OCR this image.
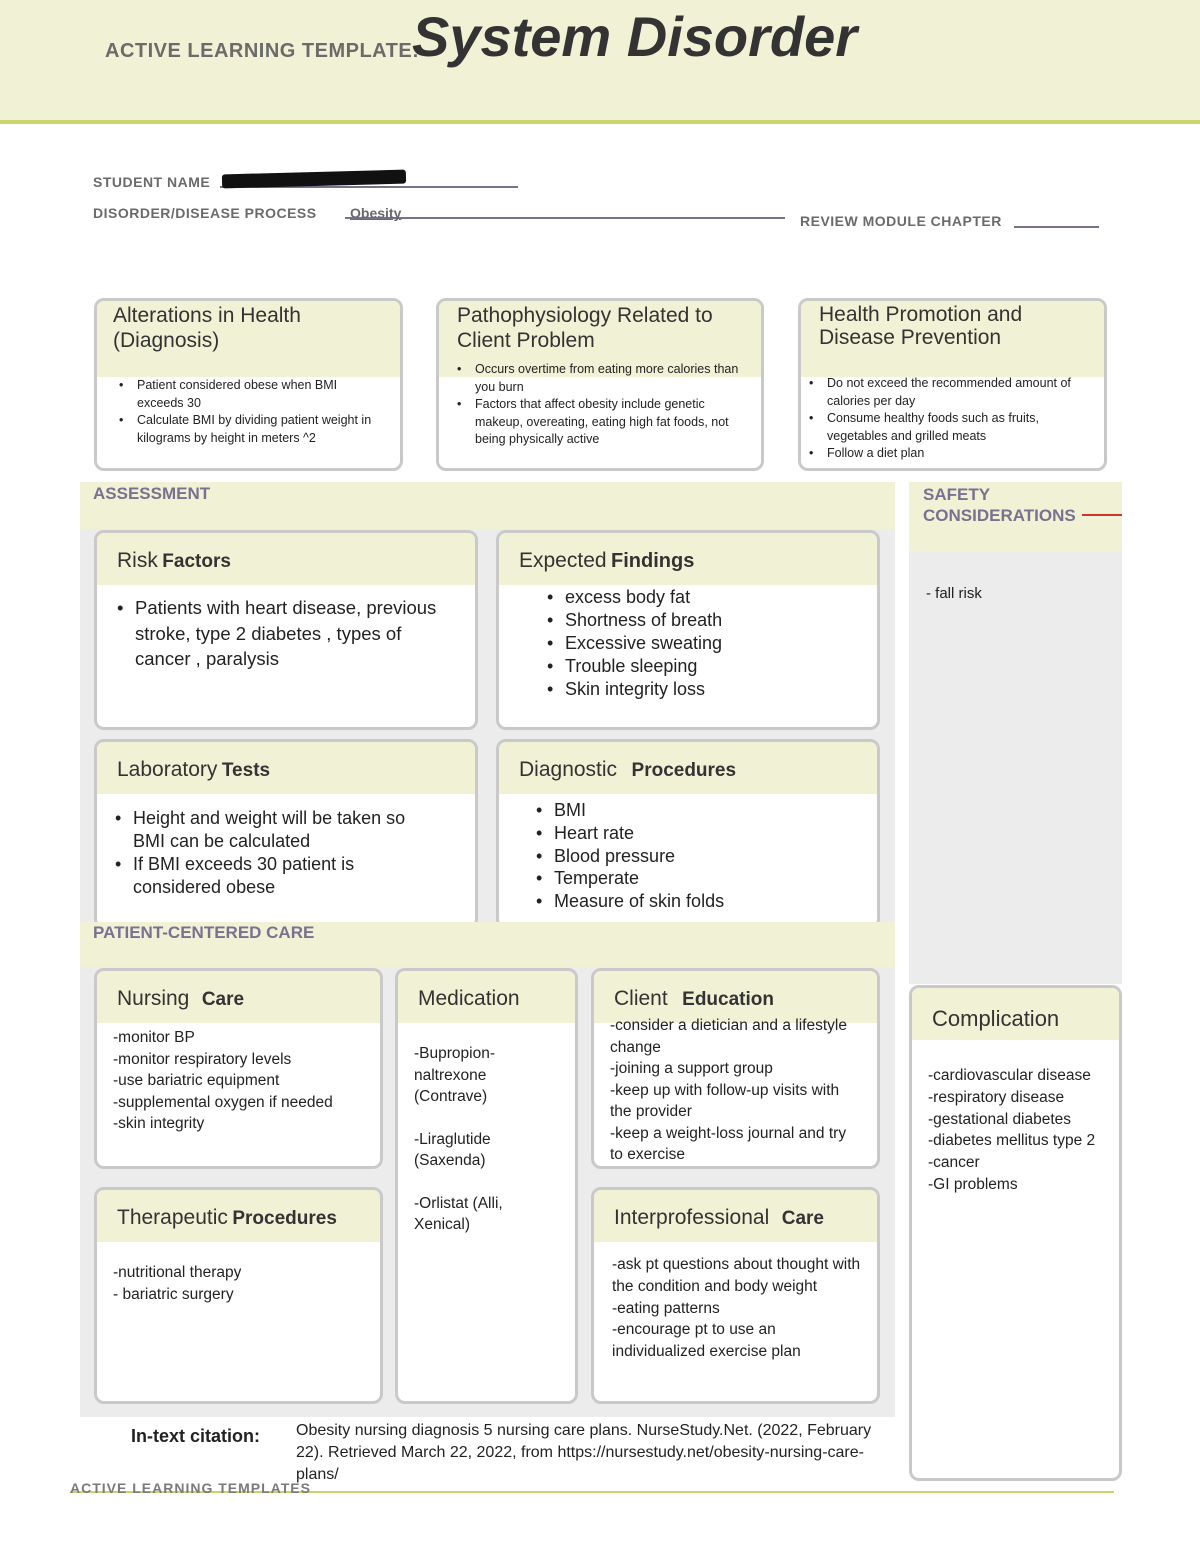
ACTIVE LEARNING TEMPLATE:
System Disorder
STUDENT NAME
DISORDER/DISEASE PROCESS Obesity	REVIEW MODULE CHAPTER
Alterations in Health (Diagnosis)
• Patient considered obese when BMI exceeds 30
• Calculate BMI by dividing patient weight in kilograms by height in meters ^2
Pathophysiology Related to Client Problem
• Occurs overtime from eating more calories than you burn
• Factors that affect obesity include genetic makeup, overeating, eating high fat foods, not being physically active
Health Promotion and Disease Prevention
• Do not exceed the recommended amount of calories per day
• Consume healthy foods such as fruits, vegetables and grilled meats
• Follow a diet plan
ASSESSMENT	SAFETY CONSIDERATIONS
- fall risk
Risk Factors
• Patients with heart disease, previous stroke, type 2 diabetes , types of cancer , paralysis
Expected Findings
• excess body fat
• Shortness of breath
• Excessive sweating
• Trouble sleeping
• Skin integrity loss
Laboratory Tests
• Height and weight will be taken so BMI can be calculated
• If BMI exceeds 30 patient is considered obese
Diagnostic Procedures
• BMI
• Heart rate
• Blood pressure
• Temperate
• Measure of skin folds
PATIENT-CENTERED CARE
Nursing Care
-monitor BP
-monitor respiratory levels
-use bariatric equipment
-supplemental oxygen if needed
-skin integrity
Medication
-Bupropion-naltrexone (Contrave)
-Liraglutide (Saxenda)
-Orlistat (Alli, Xenical)
Client Education
-consider a dietician and a lifestyle change
-joining a support group
-keep up with follow-up visits with the provider
-keep a weight-loss journal and try to exercise
Therapeutic Procedures
-nutritional therapy
- bariatric surgery
Interprofessional Care
-ask pt questions about thought with the condition and body weight
-eating patterns
-encourage pt to use an individualized exercise plan
Complication
-cardiovascular disease
-respiratory disease
-gestational diabetes
-diabetes mellitus type 2
-cancer
-GI problems
In-text citation: Obesity nursing diagnosis 5 nursing care plans. NurseStudy.Net. (2022, February 22). Retrieved March 22, 2022, from https://nursestudy.net/obesity-nursing-care-plans/
ACTIVE LEARNING TEMPLATES
